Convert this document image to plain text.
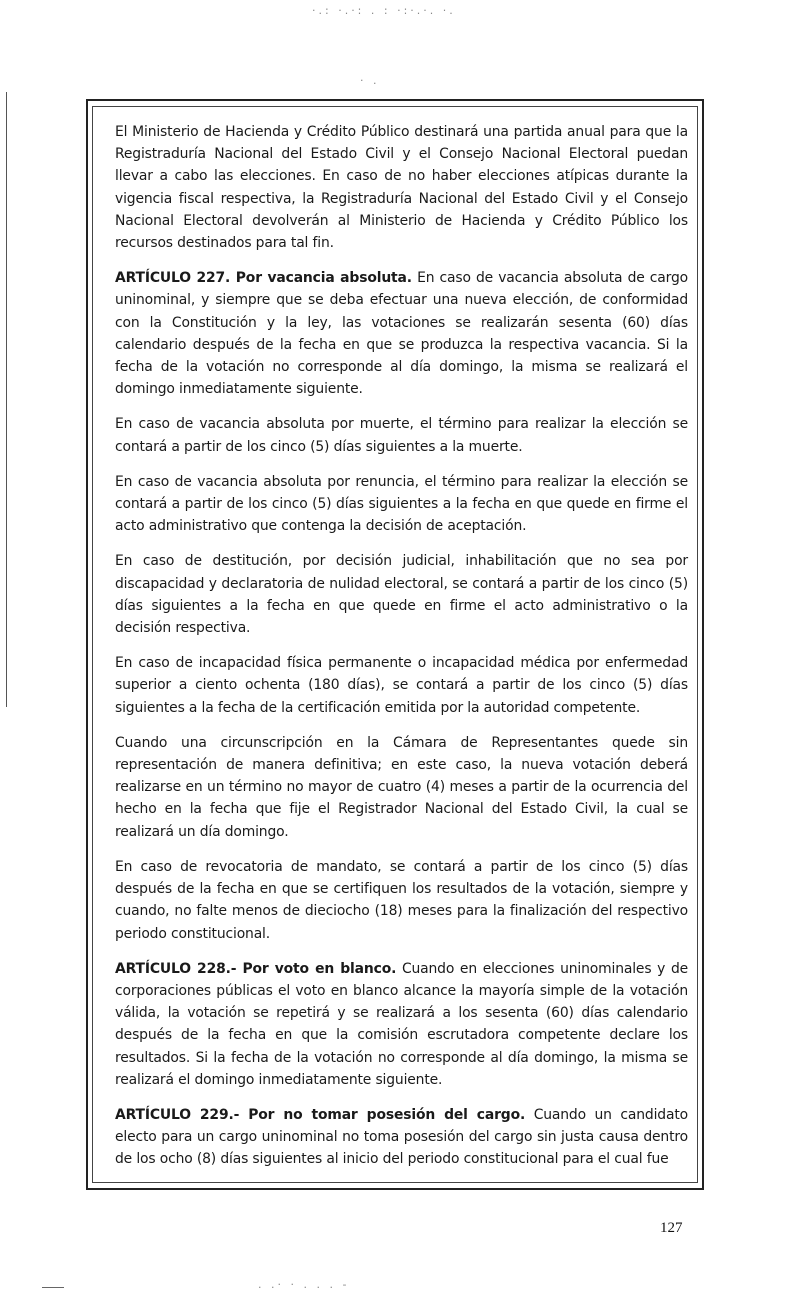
·.: ·.·: . : ·:·.·. ·.
· .

El Ministerio de Hacienda y Crédito Público destinará una partida anual para que la Registraduría Nacional del Estado Civil y el Consejo Nacional Electoral puedan llevar a cabo las elecciones. En caso de no haber elecciones atípicas durante la vigencia fiscal respectiva, la Registraduría Nacional del Estado Civil y el Consejo Nacional Electoral devolverán al Ministerio de Hacienda y Crédito Público los recursos destinados para tal fin.

ARTÍCULO 227. Por vacancia absoluta. En caso de vacancia absoluta de cargo uninominal, y siempre que se deba efectuar una nueva elección, de conformidad con la Constitución y la ley, las votaciones se realizarán sesenta (60) días calendario después de la fecha en que se produzca la respectiva vacancia. Si la fecha de la votación no corresponde al día domingo, la misma se realizará el domingo inmediatamente siguiente.

En caso de vacancia absoluta por muerte, el término para realizar la elección se contará a partir de los cinco (5) días siguientes a la muerte.

En caso de vacancia absoluta por renuncia, el término para realizar la elección se contará a partir de los cinco (5) días siguientes a la fecha en que quede en firme el acto administrativo que contenga la decisión de aceptación.

En caso de destitución, por decisión judicial, inhabilitación que no sea por discapacidad y declaratoria de nulidad electoral, se contará a partir de los cinco (5) días siguientes a la fecha en que quede en firme el acto administrativo o la decisión respectiva.

En caso de incapacidad física permanente o incapacidad médica por enfermedad superior a ciento ochenta (180 días), se contará a partir de los cinco (5) días siguientes a la fecha de la certificación emitida por la autoridad competente.

Cuando una circunscripción en la Cámara de Representantes quede sin representación de manera definitiva; en este caso, la nueva votación deberá realizarse en un término no mayor de cuatro (4) meses a partir de la ocurrencia del hecho en la fecha que fije el Registrador Nacional del Estado Civil, la cual se realizará un día domingo.

En caso de revocatoria de mandato, se contará a partir de los cinco (5) días después de la fecha en que se certifiquen los resultados de la votación, siempre y cuando, no falte menos de dieciocho (18) meses para la finalización del respectivo periodo constitucional.

ARTÍCULO 228.- Por voto en blanco. Cuando en elecciones uninominales y de corporaciones públicas el voto en blanco alcance la mayoría simple de la votación válida, la votación se repetirá y se realizará a los sesenta (60) días calendario después de la fecha en que la comisión escrutadora competente declare los resultados. Si la fecha de la votación no corresponde al día domingo, la misma se realizará el domingo inmediatamente siguiente.

ARTÍCULO 229.- Por no tomar posesión del cargo. Cuando un candidato electo para un cargo uninominal no toma posesión del cargo sin justa causa dentro de los ocho (8) días siguientes al inicio del periodo constitucional para el cual fue

127
. .· · . . . -
